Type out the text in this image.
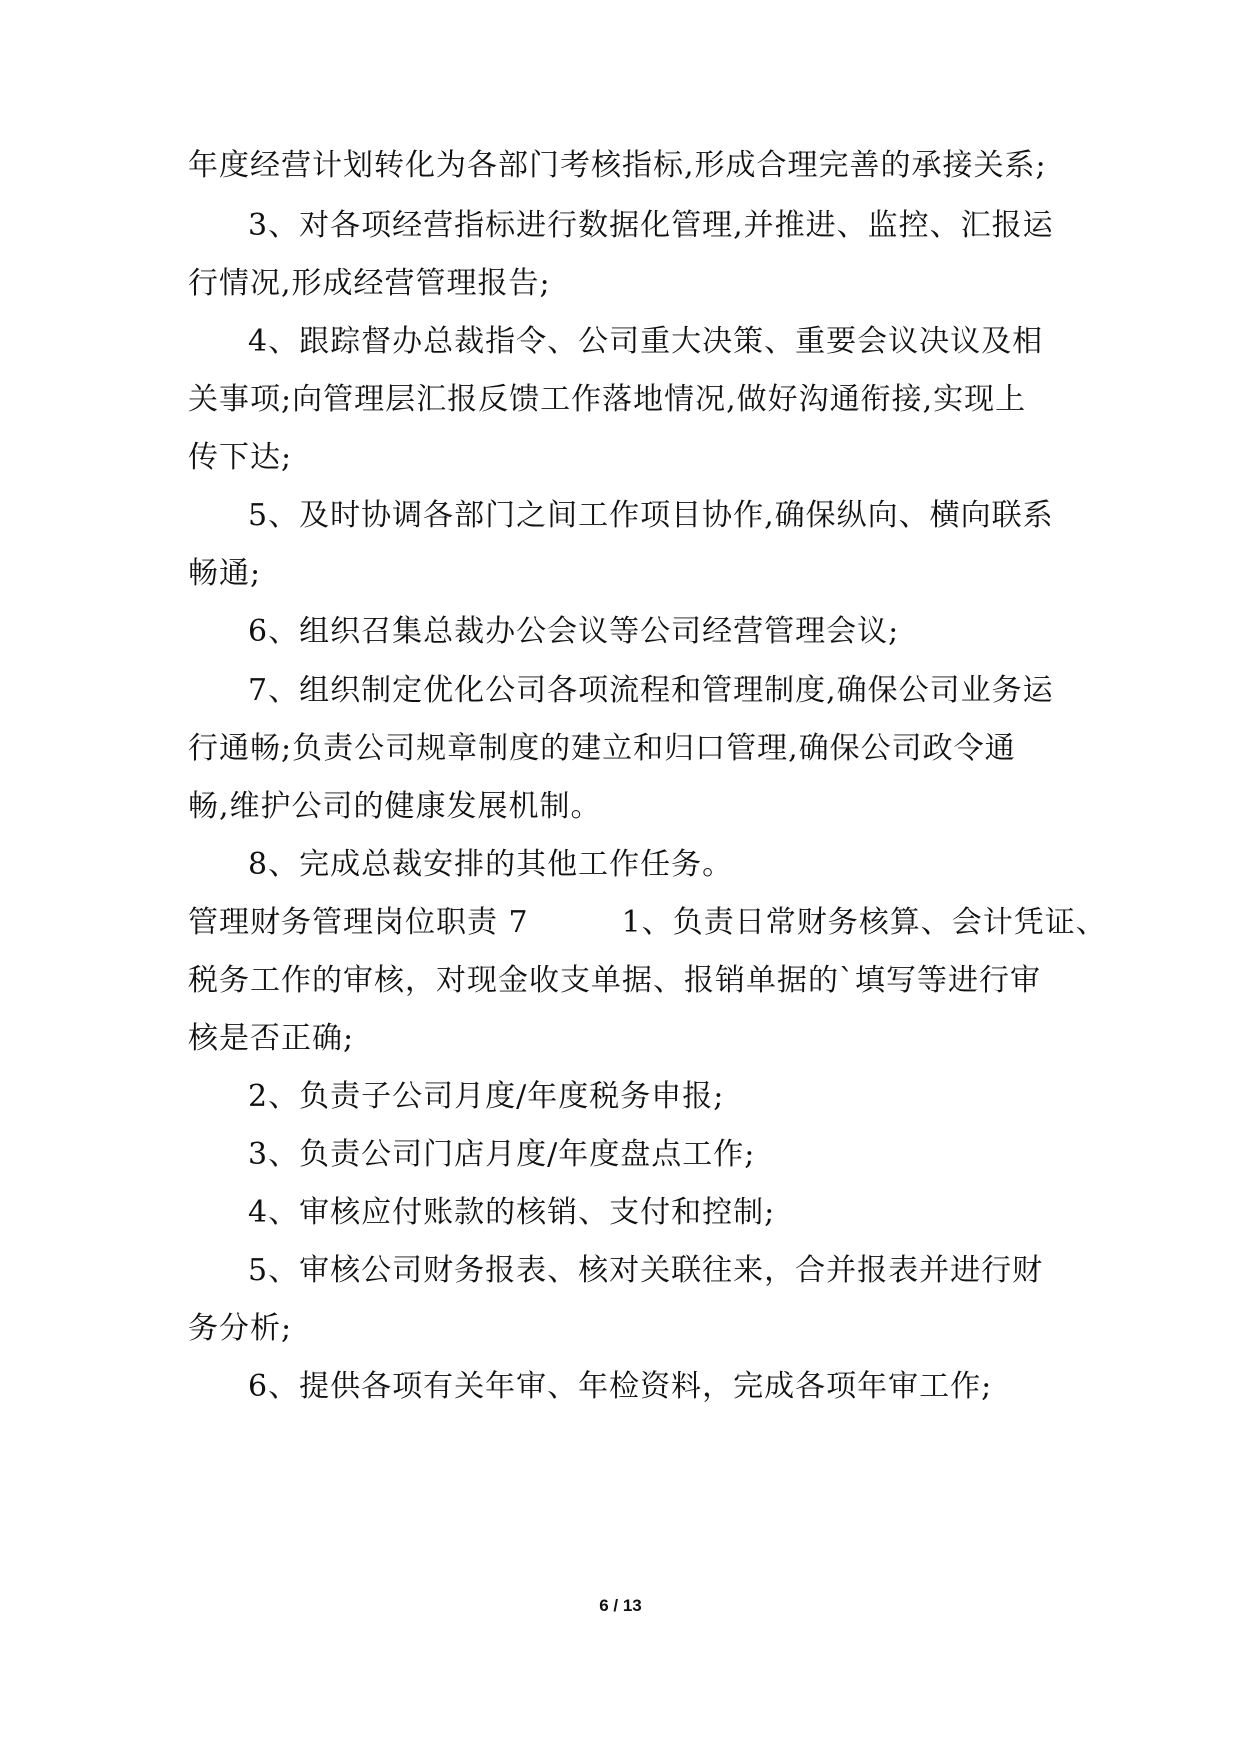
年度经营计划转化为各部门考核指标,形成合理完善的承接关系;
3、对各项经营指标进行数据化管理,并推进、监控、汇报运
行情况,形成经营管理报告;
4、跟踪督办总裁指令、公司重大决策、重要会议决议及相
关事项;向管理层汇报反馈工作落地情况,做好沟通衔接,实现上
传下达;
5、及时协调各部门之间工作项目协作,确保纵向、横向联系
畅通;
6、组织召集总裁办公会议等公司经营管理会议;
7、组织制定优化公司各项流程和管理制度,确保公司业务运
行通畅;负责公司规章制度的建立和归口管理,确保公司政令通
畅,维护公司的健康发展机制。
8、完成总裁安排的其他工作任务。
管理财务管理岗位职责 7　　　1、负责日常财务核算、会计凭证、
税务工作的审核，对现金收支单据、报销单据的`填写等进行审
核是否正确;
2、负责子公司月度/年度税务申报;
3、负责公司门店月度/年度盘点工作;
4、审核应付账款的核销、支付和控制;
5、审核公司财务报表、核对关联往来，合并报表并进行财
务分析;
6、提供各项有关年审、年检资料，完成各项年审工作;
6 / 13
